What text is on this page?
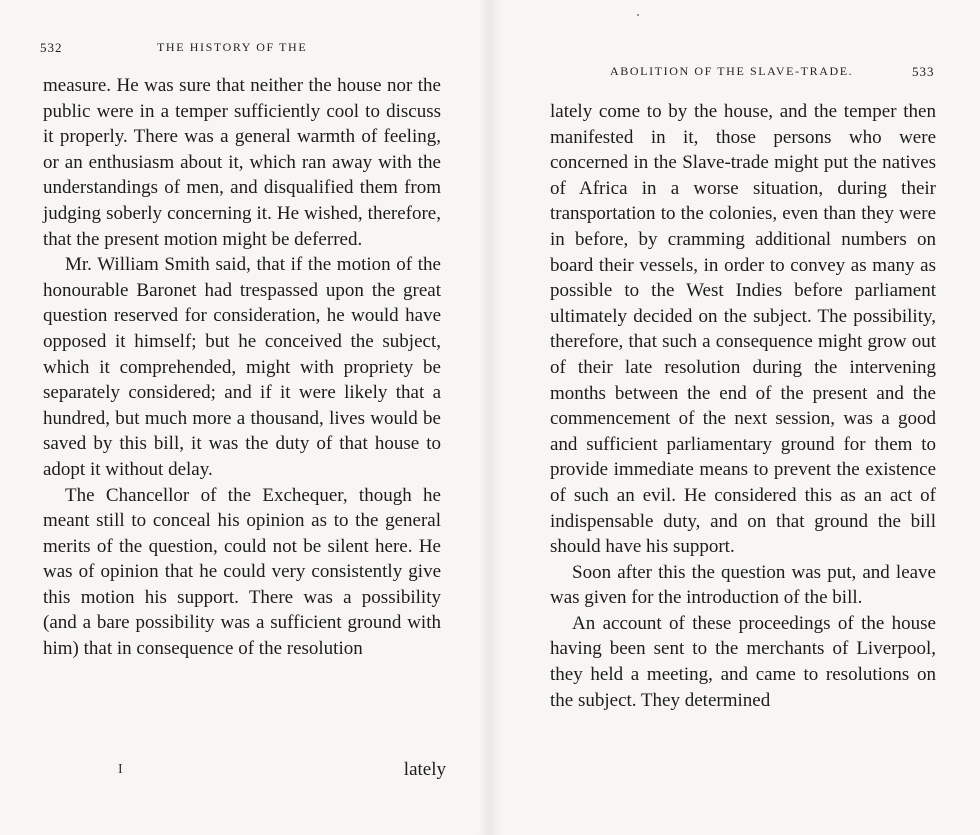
532	THE HISTORY OF THE

measure. He was sure that neither the house nor the public were in a temper sufficiently cool to discuss it properly. There was a general warmth of feeling, or an enthusiasm about it, which ran away with the understandings of men, and disqualified them from judging soberly concerning it. He wished, therefore, that the present motion might be deferred.

Mr. William Smith said, that if the motion of the honourable Baronet had trespassed upon the great question reserved for consideration, he would have opposed it himself; but he conceived the subject, which it comprehended, might with propriety be separately considered; and if it were likely that a hundred, but much more a thousand, lives would be saved by this bill, it was the duty of that house to adopt it without delay.

The Chancellor of the Exchequer, though he meant still to conceal his opinion as to the general merits of the question, could not be silent here. He was of opinion that he could very consistently give this motion his support. There was a possibility (and a bare possibility was a sufficient ground with him) that in consequence of the resolution

I	lately
ABOLITION OF THE SLAVE-TRADE.	533

lately come to by the house, and the temper then manifested in it, those persons who were concerned in the Slave-trade might put the natives of Africa in a worse situation, during their transportation to the colonies, even than they were in before, by cramming additional numbers on board their vessels, in order to convey as many as possible to the West Indies before parliament ultimately decided on the subject. The possibility, therefore, that such a consequence might grow out of their late resolution during the intervening months between the end of the present and the commencement of the next session, was a good and sufficient parliamentary ground for them to provide immediate means to prevent the existence of such an evil. He considered this as an act of indispensable duty, and on that ground the bill should have his support.

Soon after this the question was put, and leave was given for the introduction of the bill.

An account of these proceedings of the house having been sent to the merchants of Liverpool, they held a meeting, and came to resolutions on the subject. They determined
